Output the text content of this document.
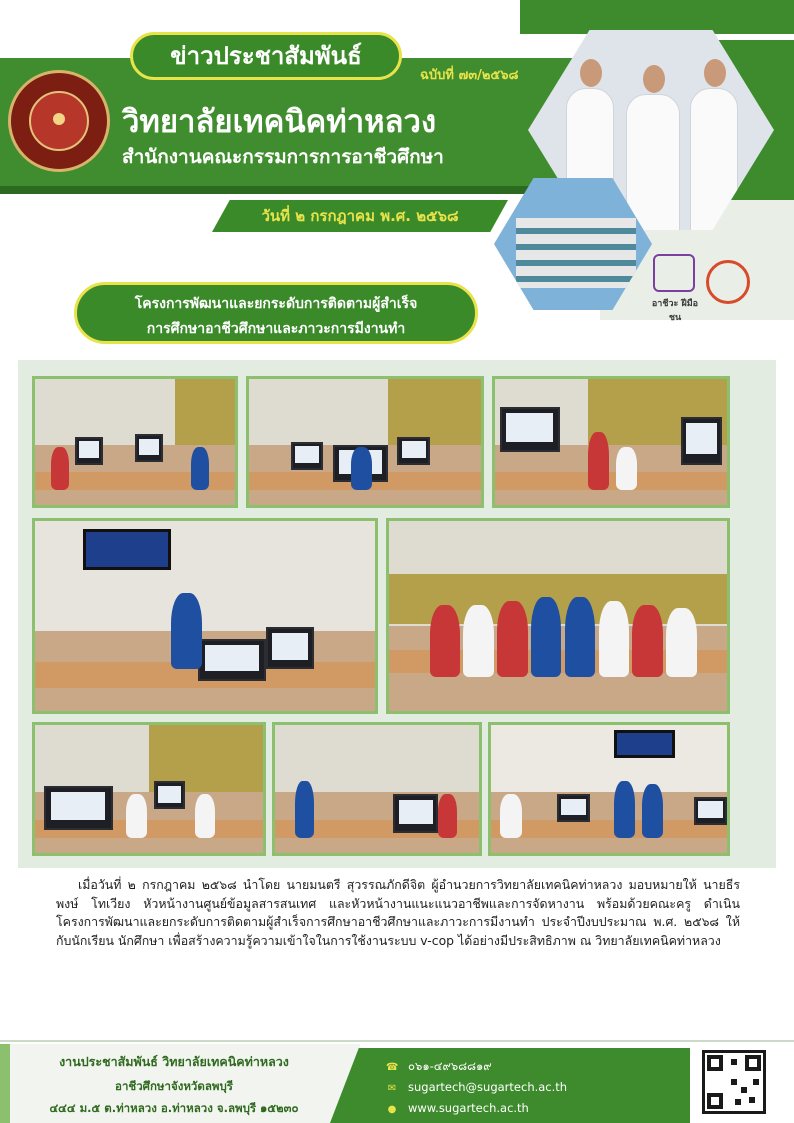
ข่าวประชาสัมพันธ์
ฉบับที่ ๗๓/๒๕๖๘
วิทยาลัยเทคนิคท่าหลวง
สำนักงานคณะกรรมการการอาชีวศึกษา
วันที่ ๒ กรกฎาคม พ.ศ. ๒๕๖๘
อาชีวะ ฝีมือชน
โครงการพัฒนาและยกระดับการติดตามผู้สำเร็จ
การศึกษาอาชีวศึกษาและภาวะการมีงานทำ

เมื่อวันที่ ๒ กรกฎาคม ๒๕๖๘ นำโดย นายมนตรี สุวรรณภักดีจิต ผู้อำนวยการวิทยาลัยเทคนิคท่าหลวง มอบหมายให้ นายธีรพงษ์ โทเวียง หัวหน้างานศูนย์ข้อมูลสารสนเทศ และหัวหน้างานแนะแนวอาชีพและการจัดหางาน พร้อมด้วยคณะครู ดำเนินโครงการพัฒนาและยกระดับการติดตามผู้สำเร็จการศึกษาอาชีวศึกษาและภาวะการมีงานทำ ประจำปีงบประมาณ พ.ศ. ๒๕๖๘ ให้กับนักเรียน นักศึกษา เพื่อสร้างความรู้ความเข้าใจในการใช้งานระบบ v-cop ได้อย่างมีประสิทธิภาพ ณ วิทยาลัยเทคนิคท่าหลวง

งานประชาสัมพันธ์ วิทยาลัยเทคนิคท่าหลวง
อาชีวศึกษาจังหวัดลพบุรี
๔๔๔ ม.๕ ต.ท่าหลวง อ.ท่าหลวง จ.ลพบุรี ๑๕๒๓๐
☎ ๐๖๑-๔๙๖๘๘๑๙
✉ sugartech@sugartech.ac.th
● www.sugartech.ac.th
